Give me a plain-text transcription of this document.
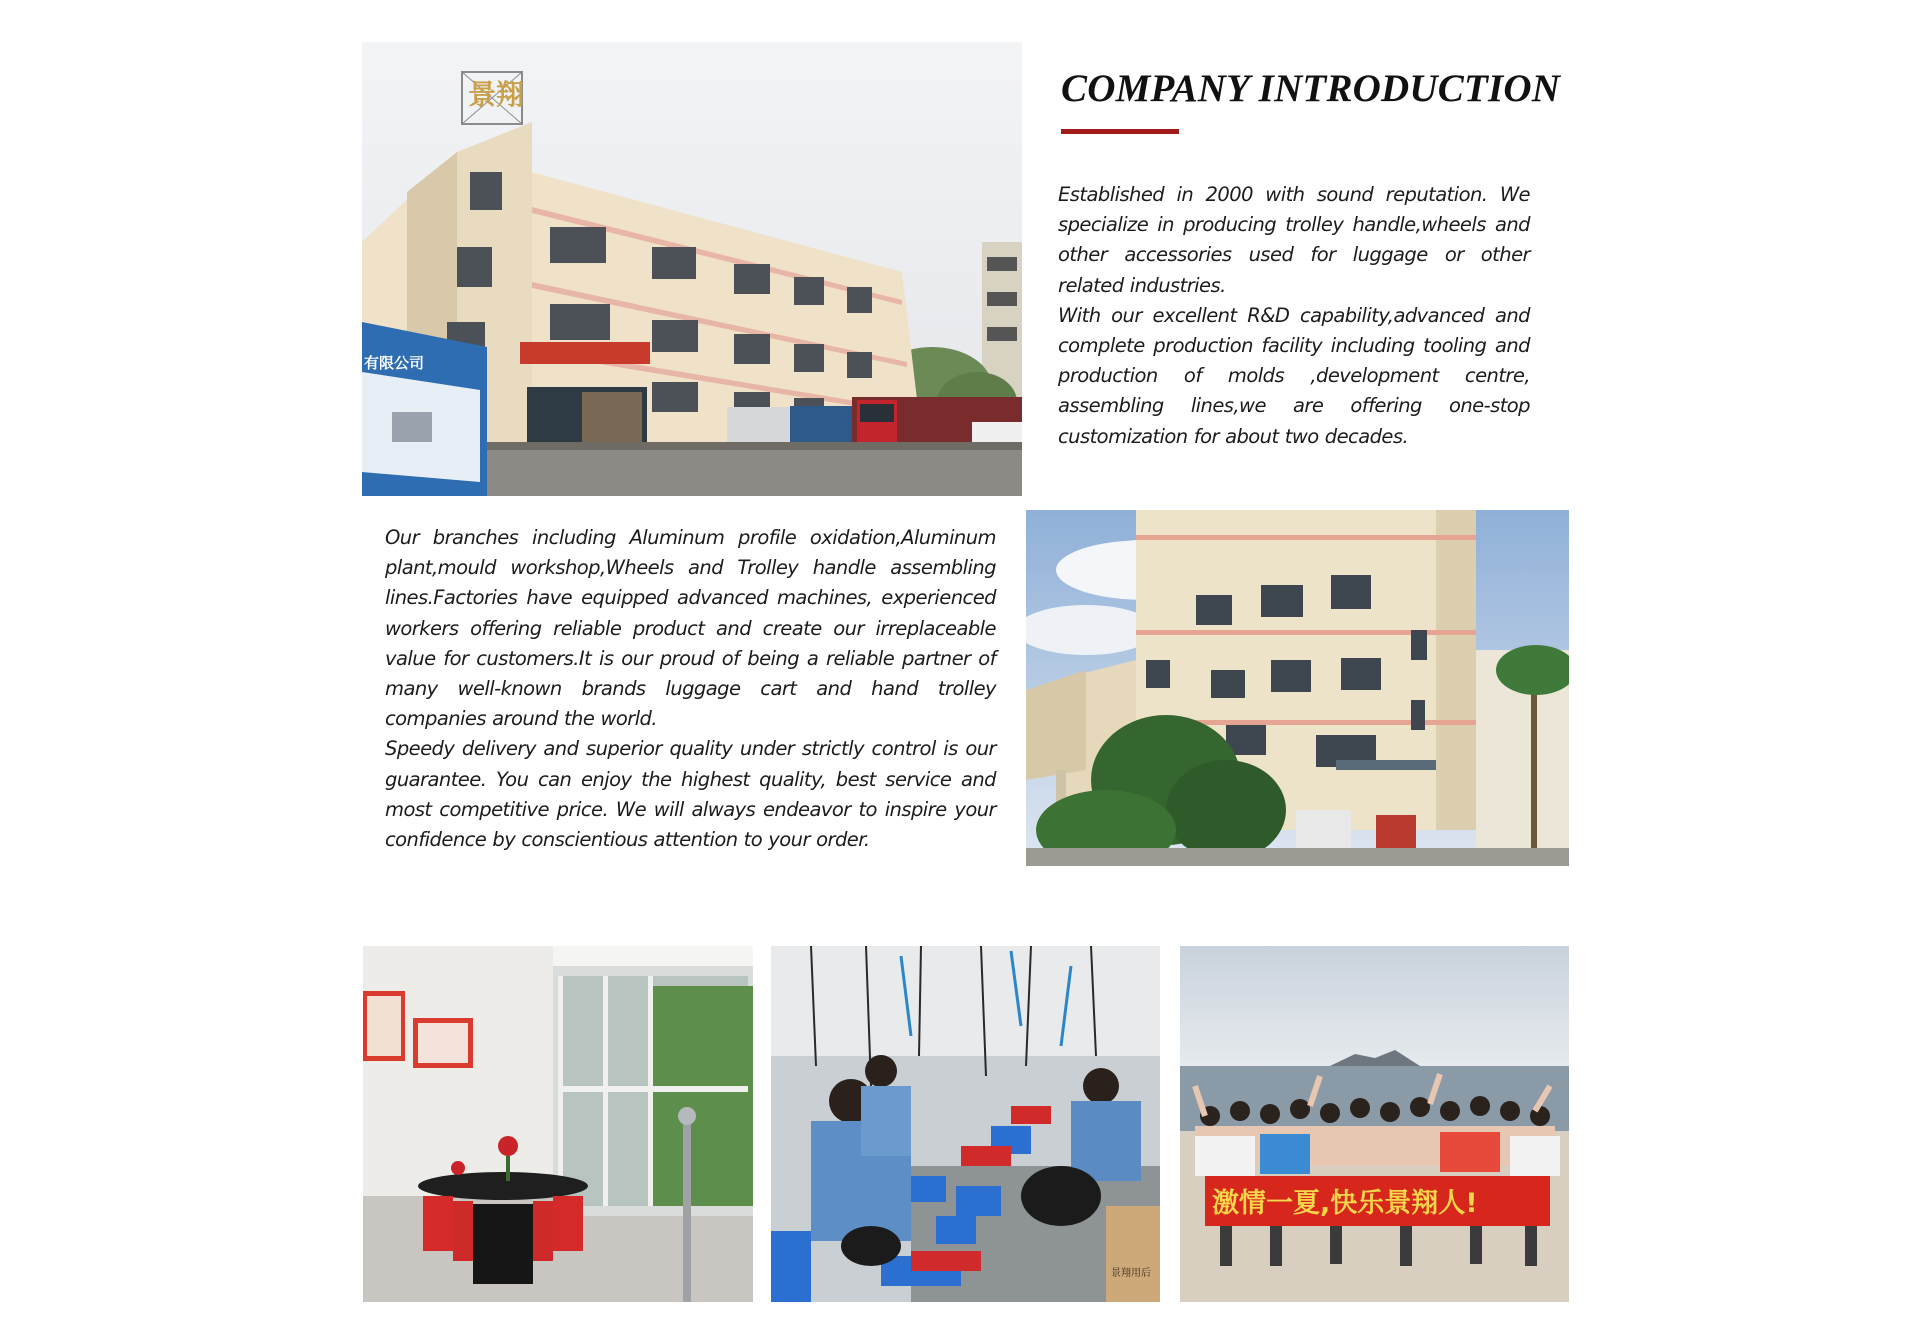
景翔
有限公司
COMPANY INTRODUCTION

Established in 2000 with sound reputation. We specialize in producing trolley handle,wheels and other accessories used for luggage or other related industries.

With our excellent R&D capability,advanced and complete production facility including tooling and production of molds ,development centre, assembling lines,we are offering one-stop customization for about two decades.

Our branches including Aluminum profile oxidation,Aluminum plant,mould workshop,Wheels and Trolley handle assembling lines.Factories have equipped advanced machines, experienced workers offering reliable product and create our irreplaceable value for customers.It is our proud of being a reliable partner of many well-known brands luggage cart and hand trolley companies around the world.

Speedy delivery and superior quality under strictly control is our guarantee. You can enjoy the highest quality, best service and most competitive price. We will always endeavor to inspire your confidence by conscientious attention to your order.

景翔用后
激情一夏,快乐景翔人!
